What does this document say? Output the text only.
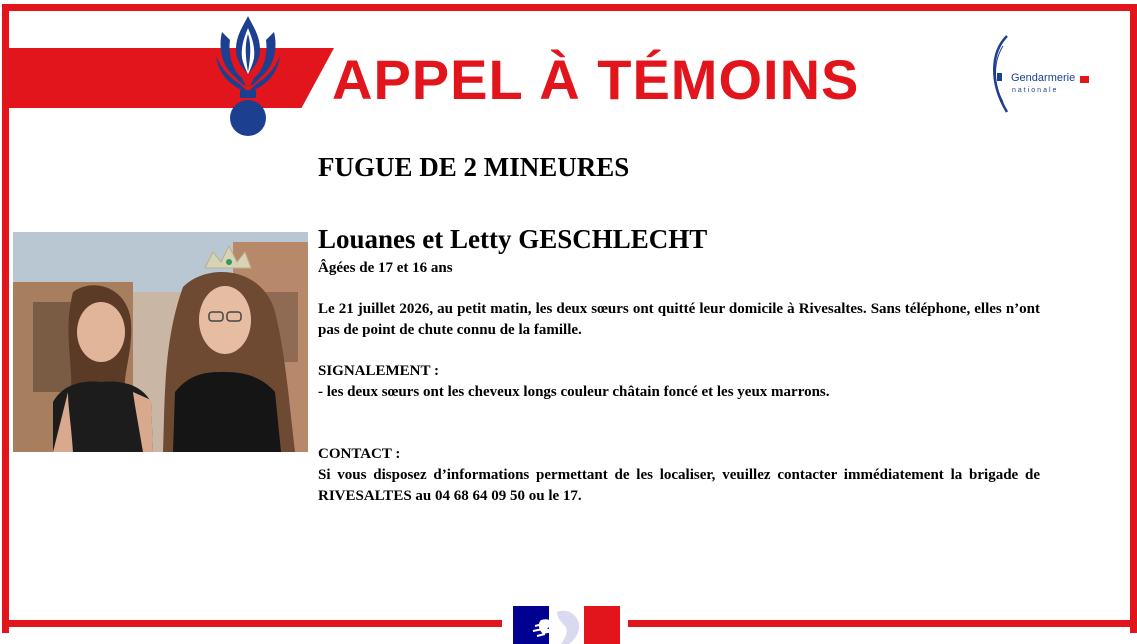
APPEL À TÉMOINS	Gendarmerie
nationale
FUGUE DE 2 MINEURES
Louanes et Letty GESCHLECHT
Âgées de 17 et 16 ans
Le 21 juillet 2026, au petit matin, les deux sœurs ont quitté leur domicile à Rivesaltes. Sans téléphone, elles n’ont pas de point de chute connu de la famille.
SIGNALEMENT :
- les deux sœurs ont les cheveux longs couleur châtain foncé et les yeux marrons.
CONTACT :
Si vous disposez d’informations permettant de les localiser, veuillez contacter immédiatement la brigade de RIVESALTES au 04 68 64 09 50 ou le 17.
